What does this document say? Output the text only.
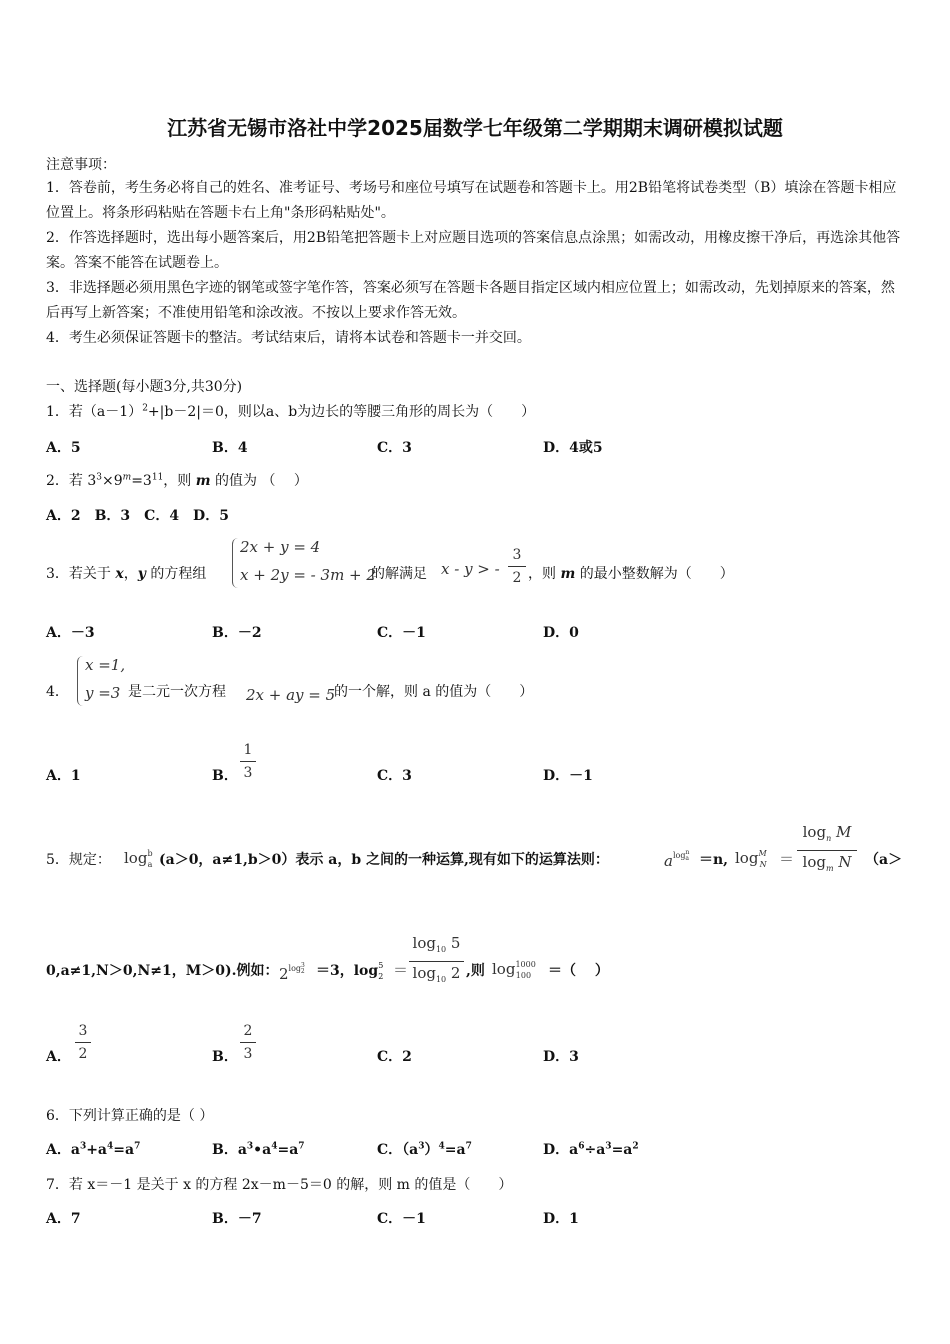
江苏省无锡市洛社中学2025届数学七年级第二学期期末调研模拟试题
注意事项：
1．答卷前，考生务必将自己的姓名、准考证号、考场号和座位号填写在试题卷和答题卡上。用2B铅笔将试卷类型（B）填涂在答题卡相应位置上。将条形码粘贴在答题卡右上角"条形码粘贴处"。
2．作答选择题时，选出每小题答案后，用2B铅笔把答题卡上对应题目选项的答案信息点涂黑；如需改动，用橡皮擦干净后，再选涂其他答案。答案不能答在试题卷上。
3．非选择题必须用黑色字迹的钢笔或签字笔作答，答案必须写在答题卡各题目指定区域内相应位置上；如需改动，先划掉原来的答案，然后再写上新答案；不准使用铅笔和涂改液。不按以上要求作答无效。
4．考生必须保证答题卡的整洁。考试结束后，请将本试卷和答题卡一并交回。
一、选择题(每小题3分,共30分)
1．若$(a-1)^2+|b-2|=0$，则以a、b为边长的等腰三角形的周长为（　　）
A．5	B．4	C．3	D．4或5
2．若 $3^3\times 9^m=3^{11}$，则 m 的值为 （　 ）
A．2　B．3　C．4　D．5
3．若关于 x，y 的方程组
2x + y = 4
x + 2y = - 3m + 2
的解满足 x - y > -
3
2 ，则 m 的最小整数解为（　　）
A．－3	B．－2	C．－1	D．0
4．
x =1,
y =3 是二元一次方程 2x + ay = 5
的一个解，则 a 的值为（　　）
A．1	B．
1
3	C．3	D．－1
5．规定： $\log^b_a (a>0$，a≠1,b＞0）表示 a，b 之间的一种运算,现有如下的运算法则：	$a^{logna} =n$, $\log^M_N$ ＝
$\log_n M$
$\log_m N$ （a＞
0,a≠1,N＞0,N≠1，M＞0).例如： $2^{log32} =3$，$\log^5_2$ ＝
$\log_{10} 5$
$\log_{10} 2$ ,则 $\log^{1000}_{100}$	＝（　 ）
A．
3
2	B．
2
3	C．2	D．3
6．下列计算正确的是（ ）
A．$a^3+a^4=a^7$	B．$a^3•a^4=a^7$	C．$(a^3)^4=a^7$	D．$a^6\div a^3=a^2$
7．若 x＝－1 是关于 x 的方程 2x－m－5＝0 的解，则 m 的值是（　　）
A．7	B．－7	C．－1	D．1
